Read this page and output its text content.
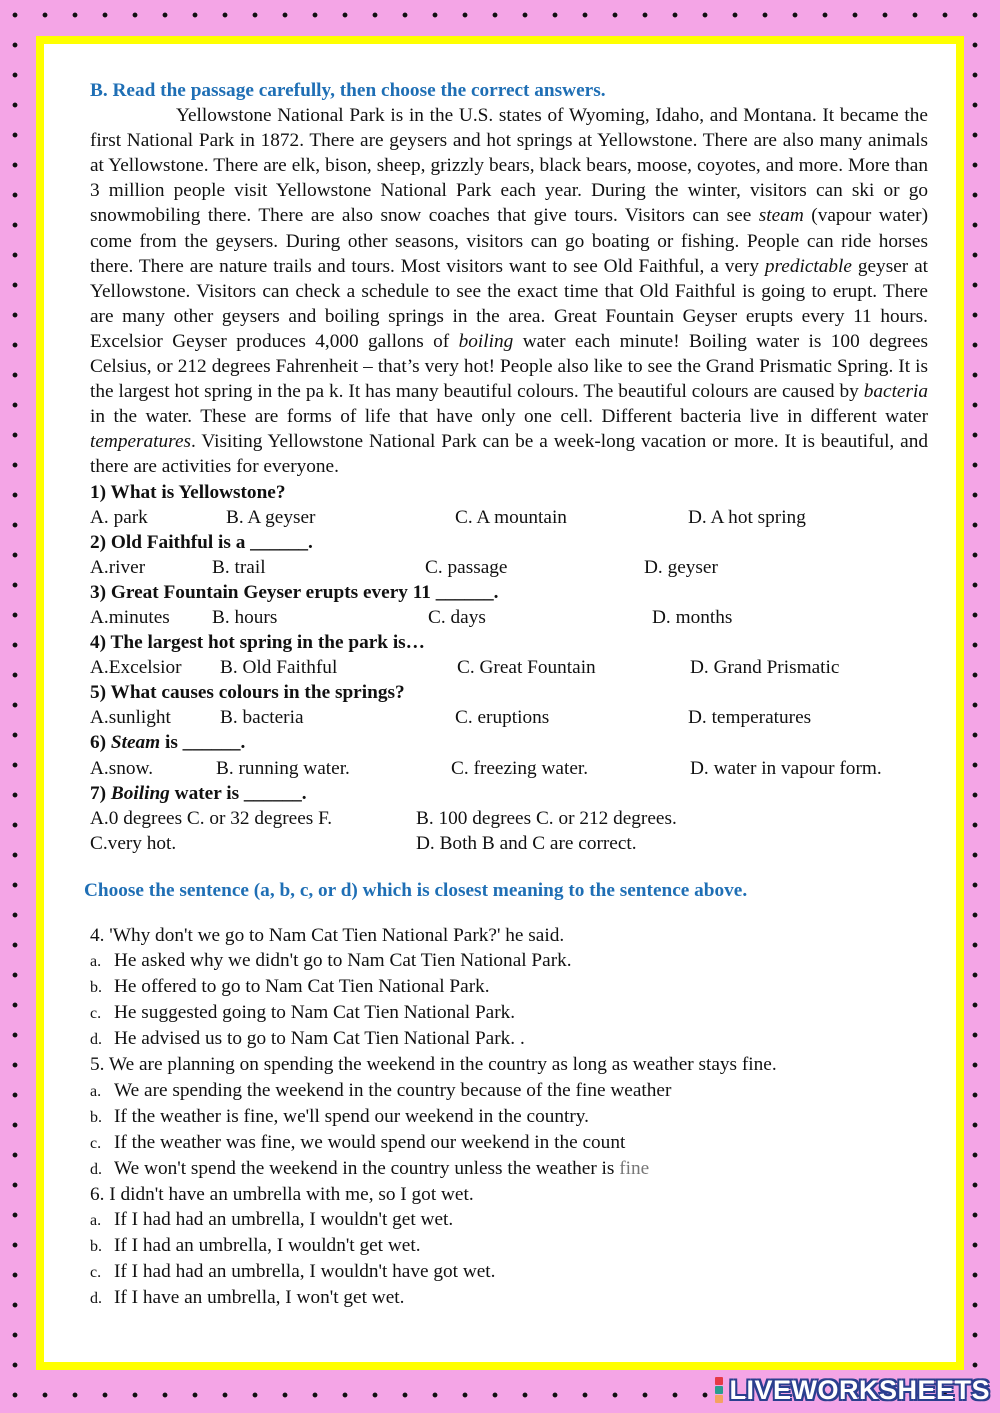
B. Read the passage carefully, then choose the correct answers.

Yellowstone National Park is in the U.S. states of Wyoming, Idaho, and Montana. It became the first National Park in 1872. There are geysers and hot springs at Yellowstone. There are also many animals at Yellowstone. There are elk, bison, sheep, grizzly bears, black bears, moose, coyotes, and more. More than 3 million people visit Yellowstone National Park each year. During the winter, visitors can ski or go snowmobiling there. There are also snow coaches that give tours. Visitors can see steam (vapour water) come from the geysers. During other seasons, visitors can go boating or fishing. People can ride horses there. There are nature trails and tours. Most visitors want to see Old Faithful, a very predictable geyser at Yellowstone. Visitors can check a schedule to see the exact time that Old Faithful is going to erupt. There are many other geysers and boiling springs in the area. Great Fountain Geyser erupts every 11 hours. Excelsior Geyser produces 4,000 gallons of boiling water each minute! Boiling water is 100 degrees Celsius, or 212 degrees Fahrenheit – that’s very hot! People also like to see the Grand Prismatic Spring. It is the largest hot spring in the pa k. It has many beautiful colours. The beautiful colours are caused by bacteria in the water. These are forms of life that have only one cell. Different bacteria live in different water temperatures. Visiting Yellowstone National Park can be a week-long vacation or more. It is beautiful, and there are activities for everyone.

1) What is Yellowstone?

A. park	B. A geyser	C. A mountain	D. A hot spring

2) Old Faithful is a ______.

A.river	B. trail	C. passage	D. geyser

3) Great Fountain Geyser erupts every 11 ______.

A.minutes B. hours	C. days	D. months

4) The largest hot spring in the park is…

A.Excelsior B. Old Faithful	C. Great Fountain	D. Grand Prismatic

5) What causes colours in the springs?

A.sunlight	B. bacteria	C. eruptions	D. temperatures

6) Steam is ______.

A.snow.	B. running water.	C. freezing water.	D. water in vapour form.

7) Boiling water is ______.

A.0 degrees C. or 32 degrees F.	B. 100 degrees C. or 212 degrees.
C.very hot.	D. Both B and C are correct.

Choose the sentence (a, b, c, or d) which is closest meaning to the sentence above.

4. 'Why don't we go to Nam Cat Tien National Park?' he said.

a. He asked why we didn't go to Nam Cat Tien National Park.

b. He offered to go to Nam Cat Tien National Park.

c. He suggested going to Nam Cat Tien National Park.

d. He advised us to go to Nam Cat Tien National Park. .

5. We are planning on spending the weekend in the country as long as weather stays fine.

a. We are spending the weekend in the country because of the fine weather

b. If the weather is fine, we'll spend our weekend in the country.

c. If the weather was fine, we would spend our weekend in the count

d. We won't spend the weekend in the country unless the weather is fine

6. I didn't have an umbrella with me, so I got wet.

a. If I had had an umbrella, I wouldn't get wet.

b. If I had an umbrella, I wouldn't get wet.

c. If I had had an umbrella, I wouldn't have got wet.

d. If I have an umbrella, I won't get wet.

LIVEWORKSHEETS
